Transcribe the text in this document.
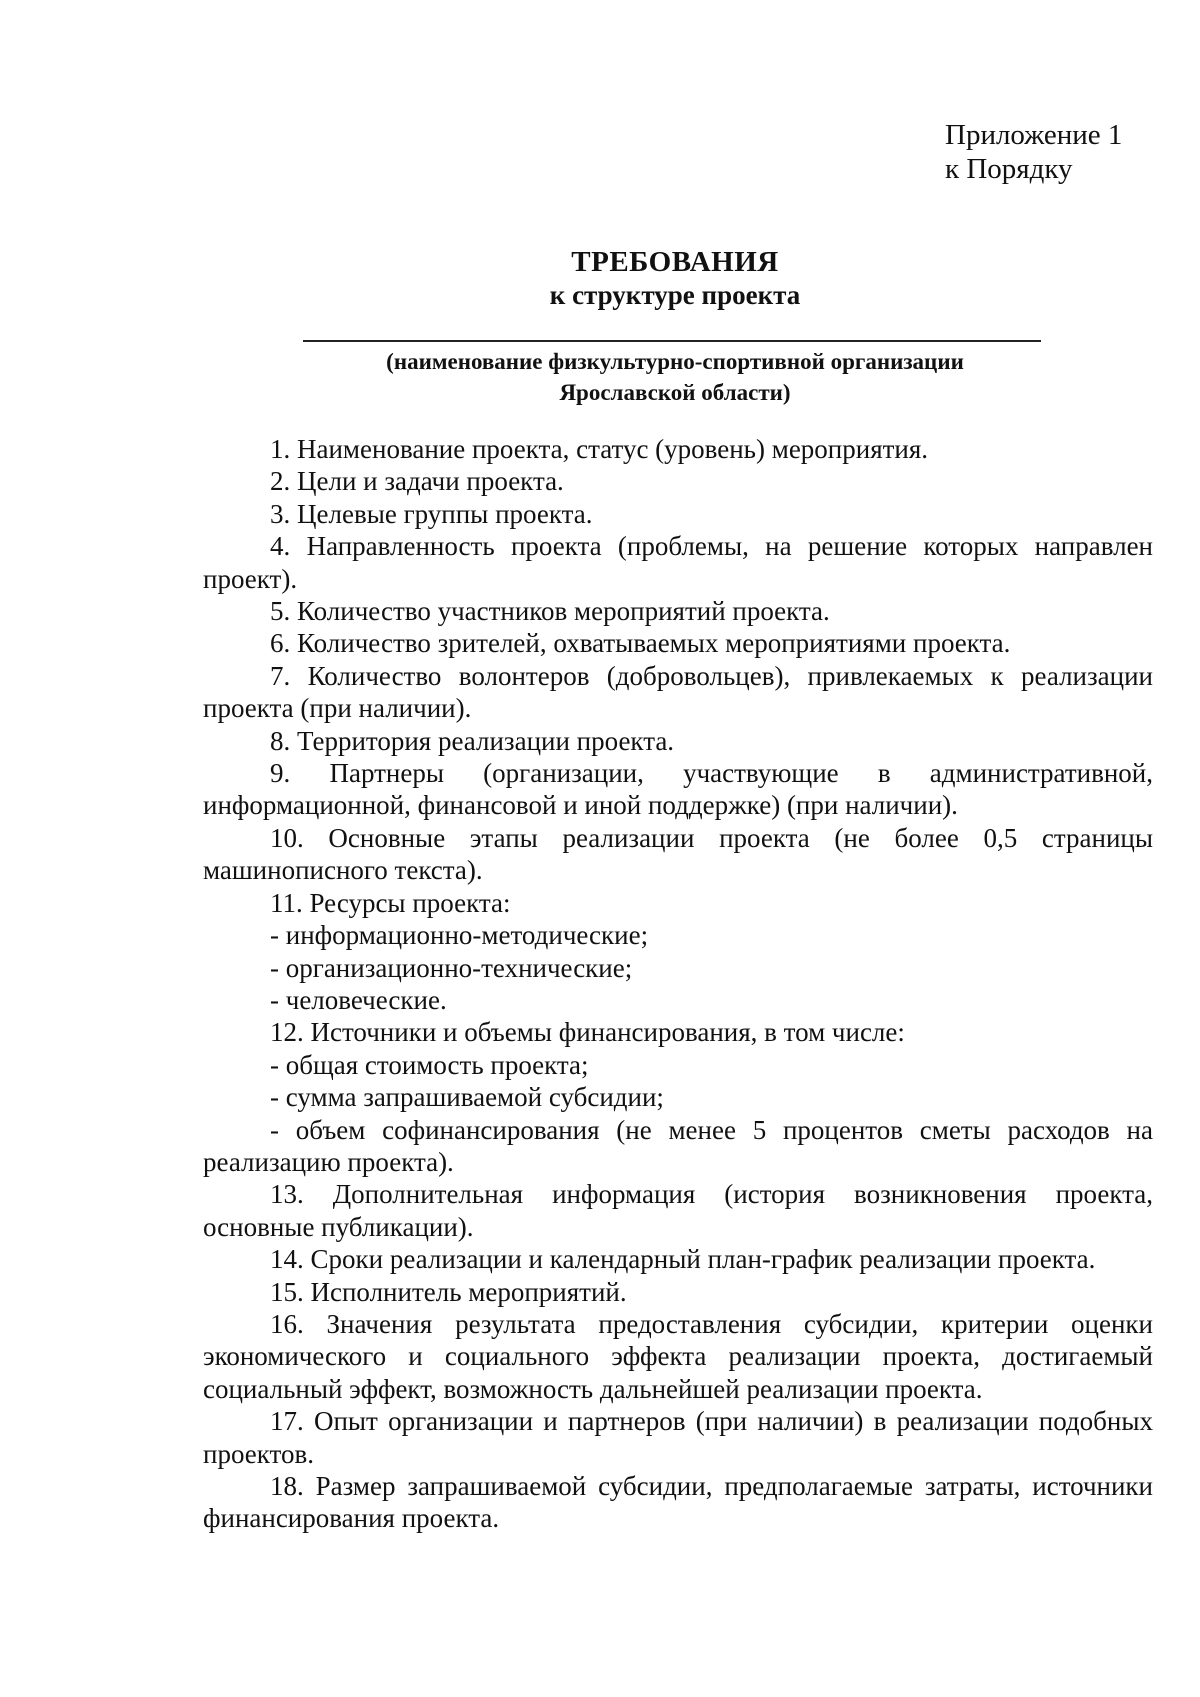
Приложение 1
к Порядку
ТРЕБОВАНИЯ
к структуре проекта
(наименование физкультурно-спортивной организации
Ярославской области)

1. Наименование проекта, статус (уровень) мероприятия.

2. Цели и задачи проекта.

3. Целевые группы проекта.

4. Направленность проекта (проблемы, на решение которых направлен проект).

5. Количество участников мероприятий проекта.

6. Количество зрителей, охватываемых мероприятиями проекта.

7. Количество волонтеров (добровольцев), привлекаемых к реализации проекта (при наличии).

8. Территория реализации проекта.

9. Партнеры (организации, участвующие в административной, информационной, финансовой и иной поддержке) (при наличии).

10. Основные этапы реализации проекта (не более 0,5 страницы машинописного текста).

11. Ресурсы проекта:

- информационно-методические;

- организационно-технические;

- человеческие.

12. Источники и объемы финансирования, в том числе:

- общая стоимость проекта;

- сумма запрашиваемой субсидии;

- объем софинансирования (не менее 5 процентов сметы расходов на реализацию проекта).

13. Дополнительная информация (история возникновения проекта, основные публикации).

14. Сроки реализации и календарный план-график реализации проекта.

15. Исполнитель мероприятий.

16. Значения результата предоставления субсидии, критерии оценки экономического и социального эффекта реализации проекта, достигаемый социальный эффект, возможность дальнейшей реализации проекта.

17. Опыт организации и партнеров (при наличии) в реализации подобных проектов.

18. Размер запрашиваемой субсидии, предполагаемые затраты, источники финансирования проекта.
